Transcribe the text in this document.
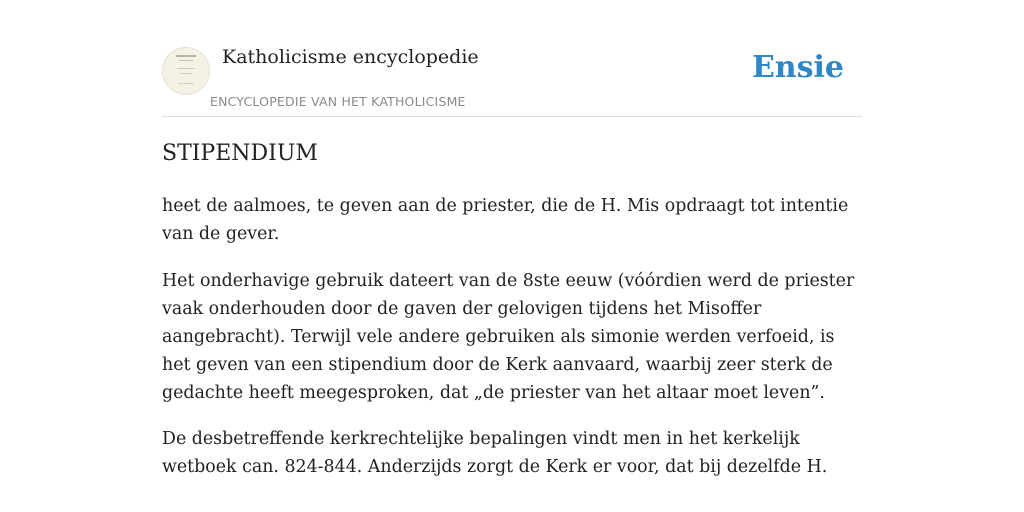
Katholicisme encyclopedie
ENCYCLOPEDIE VAN HET KATHOLICISME
Ensie
STIPENDIUM

heet de aalmoes, te geven aan de priester, die de H. Mis opdraagt tot intentie van de gever.

Het onderhavige gebruik dateert van de 8ste eeuw (vóórdien werd de priester vaak onderhouden door de gaven der gelovigen tijdens het Misoffer aangebracht). Terwijl vele andere gebruiken als simonie werden verfoeid, is het geven van een stipendium door de Kerk aanvaard, waarbij zeer sterk de gedachte heeft meegesproken, dat „de priester van het altaar moet leven”.

De desbetreffende kerkrechtelijke bepalingen vindt men in het kerkelijk wetboek can. 824-844. Anderzijds zorgt de Kerk er voor, dat bij dezelfde H.
